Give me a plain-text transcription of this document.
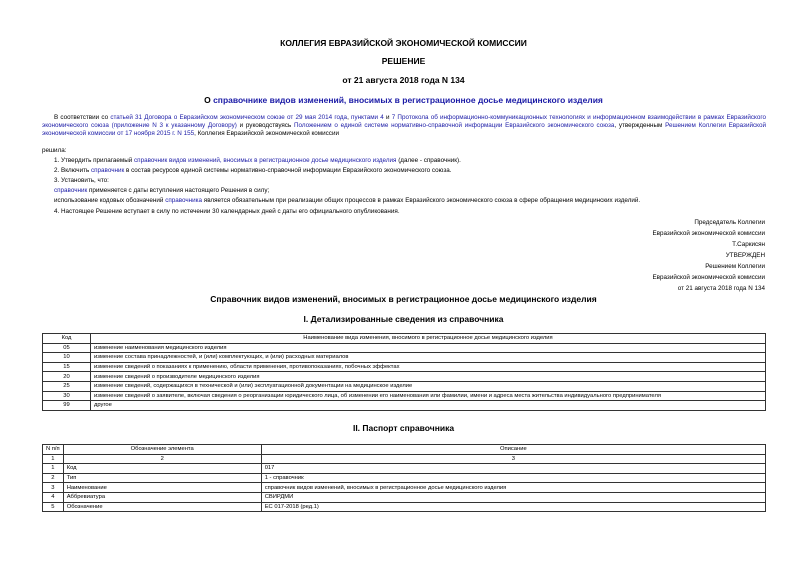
КОЛЛЕГИЯ ЕВРАЗИЙСКОЙ ЭКОНОМИЧЕСКОЙ КОМИССИИ
РЕШЕНИЕ
от 21 августа 2018 года N 134
О справочнике видов изменений, вносимых в регистрационное досье медицинского изделия
В соответствии со статьей 31 Договора о Евразийском экономическом союзе от 29 мая 2014 года, пунктами 4 и 7 Протокола об информационно-коммуникационных технологиях и информационном взаимодействии в рамках Евразийского экономического союза (приложение N 3 к указанному Договору) и руководствуясь Положением о единой системе нормативно-справочной информации Евразийского экономического союза, утвержденным Решением Коллегии Евразийской экономической комиссии от 17 ноября 2015 г. N 155, Коллегия Евразийской экономической комиссии
решила:
1. Утвердить прилагаемый справочник видов изменений, вносимых в регистрационное досье медицинского изделия (далее - справочник).
2. Включить справочник в состав ресурсов единой системы нормативно-справочной информации Евразийского экономического союза.
3. Установить, что:
справочник применяется с даты вступления настоящего Решения в силу;
использование кодовых обозначений справочника является обязательным при реализации общих процессов в рамках Евразийского экономического союза в сфере обращения медицинских изделий.
4. Настоящее Решение вступает в силу по истечении 30 календарных дней с даты его официального опубликования.
Председатель Коллегии
Евразийской экономической комиссии
Т.Саркисян
УТВЕРЖДЕН
Решением Коллегии
Евразийской экономической комиссии
от 21 августа 2018 года N 134
Справочник видов изменений, вносимых в регистрационное досье медицинского изделия
I. Детализированные сведения из справочника
Код	Наименование вида изменения, вносимого в регистрационное досье медицинского изделия
05	изменение наименования медицинского изделия
10	изменение состава принадлежностей, и (или) комплектующих, и (или) расходных материалов
15	изменение сведений о показаниях к применению, области применения, противопоказаниях, побочных эффектах
20	изменение сведений о производителе медицинского изделия
25	изменение сведений, содержащихся в технической и (или) эксплуатационной документации на медицинское изделие
30	изменение сведений о заявителе, включая сведения о реорганизации юридического лица, об изменении его наименования или фамилии, имени и адреса места жительства индивидуального предпринимателя
99	другое
II. Паспорт справочника
N п/п	Обозначение элемента	Описание
1	2	3
1	Код	017
2	Тип	1 - справочник
3	Наименование	справочник видов изменений, вносимых в регистрационное досье медицинского изделия
4	Аббревиатура	СВИРДМИ
5	Обозначение	ЕС 017-2018 (ред.1)
